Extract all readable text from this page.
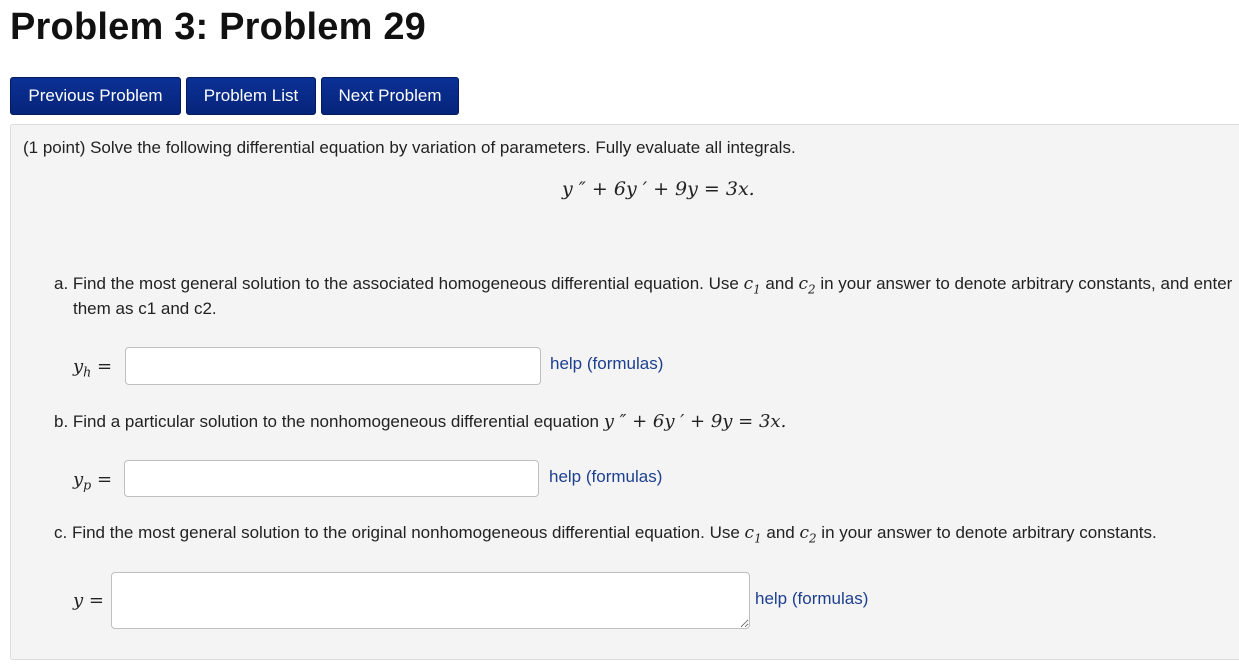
Problem 3: Problem 29
Previous Problem	Problem List	Next Problem
(1 point) Solve the following differential equation by variation of parameters. Fully evaluate all integrals.
y ″ + 6y ′ + 9y = 3x.
a. Find the most general solution to the associated homogeneous differential equation. Use $c_1$ and $c_2$ in your answer to denote arbitrary constants, and enter
them as c1 and c2.
$y_h$ =	help (formulas)
b. Find a particular solution to the nonhomogeneous differential equation y ″ + 6y ′ + 9y = 3x.
$y_p$ =	help (formulas)
c. Find the most general solution to the original nonhomogeneous differential equation. Use $c_1$ and $c_2$ in your answer to denote arbitrary constants.
y =	help (formulas)
